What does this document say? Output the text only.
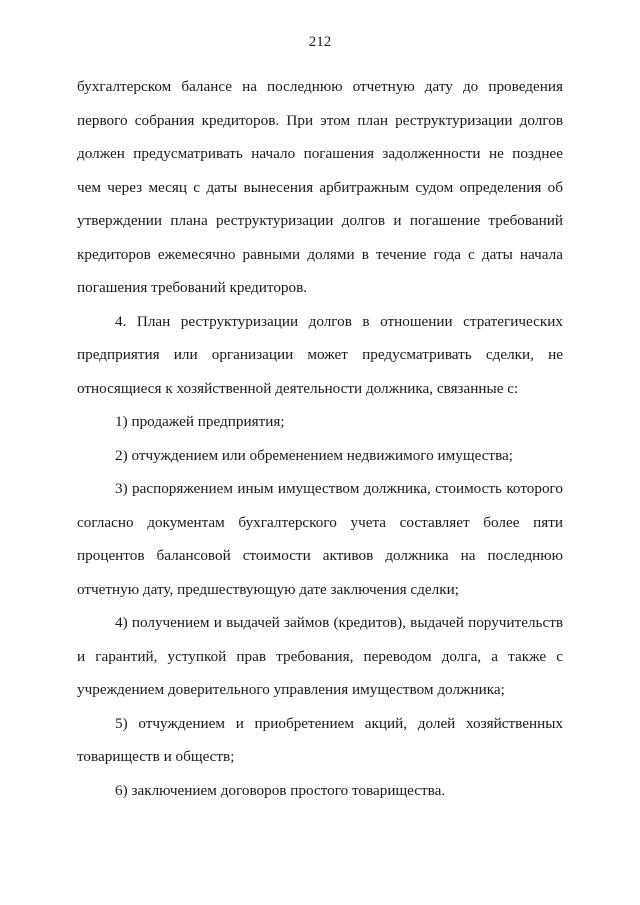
212

бухгалтерском балансе на последнюю отчетную дату до проведения первого собрания кредиторов. При этом план реструктуризации долгов должен предусматривать начало погашения задолженности не позднее чем через месяц с даты вынесения арбитражным судом определения об утверждении плана реструктуризации долгов и погашение требований кредиторов ежемесячно равными долями в течение года с даты начала погашения требований кредиторов.

4. План реструктуризации долгов в отношении стратегических предприятия или организации может предусматривать сделки, не относящиеся к хозяйственной деятельности должника, связанные с:

1) продажей предприятия;

2) отчуждением или обременением недвижимого имущества;

3) распоряжением иным имуществом должника, стоимость которого согласно документам бухгалтерского учета составляет более пяти процентов балансовой стоимости активов должника на последнюю отчетную дату, предшествующую дате заключения сделки;

4) получением и выдачей займов (кредитов), выдачей поручительств и гарантий, уступкой прав требования, переводом долга, а также с учреждением доверительного управления имуществом должника;

5) отчуждением и приобретением акций, долей хозяйственных товариществ и обществ;

6) заключением договоров простого товарищества.
